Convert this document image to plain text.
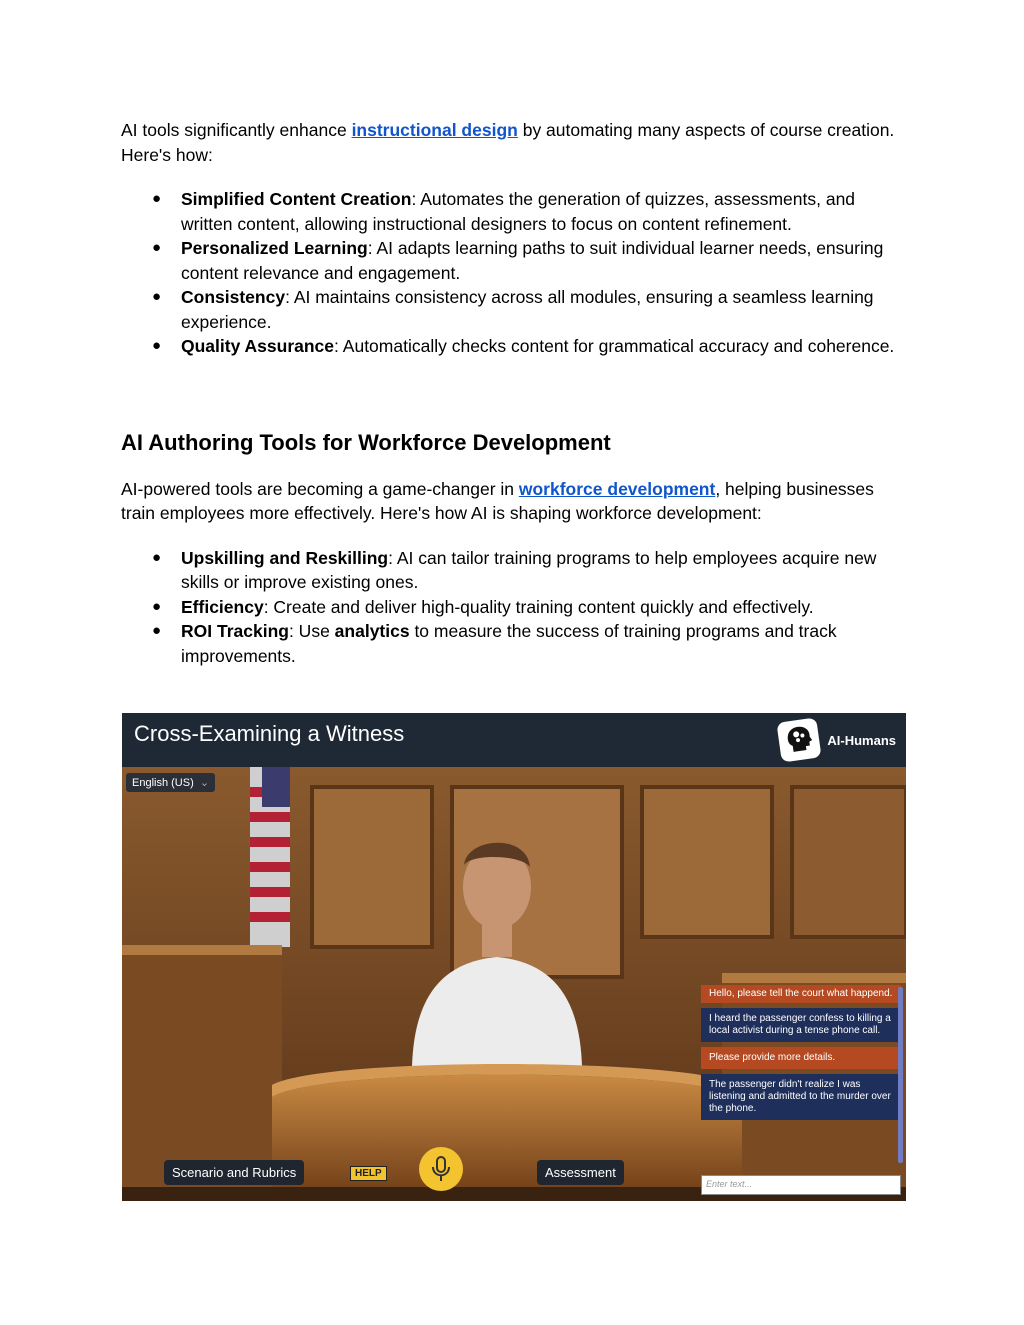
AI tools significantly enhance instructional design by automating many aspects of course creation. Here's how:

● Simplified Content Creation: Automates the generation of quizzes, assessments, and written content, allowing instructional designers to focus on content refinement.
● Personalized Learning: AI adapts learning paths to suit individual learner needs, ensuring content relevance and engagement.
● Consistency: AI maintains consistency across all modules, ensuring a seamless learning experience.
● Quality Assurance: Automatically checks content for grammatical accuracy and coherence.
AI Authoring Tools for Workforce Development

AI-powered tools are becoming a game-changer in workforce development, helping businesses train employees more effectively. Here's how AI is shaping workforce development:

● Upskilling and Reskilling: AI can tailor training programs to help employees acquire new skills or improve existing ones.
● Efficiency: Create and deliver high-quality training content quickly and effectively.
● ROI Tracking: Use analytics to measure the success of training programs and track improvements.
Cross-Examining a Witness	AI-Humans
English (US) ⌄
Hello, please tell the court what happend.
I heard the passenger confess to killing a local activist during a tense phone call.
Please provide more details.
The passenger didn't realize I was listening and admitted to the murder over the phone.
Enter text...
Scenario and Rubrics	HELP	Assessment
